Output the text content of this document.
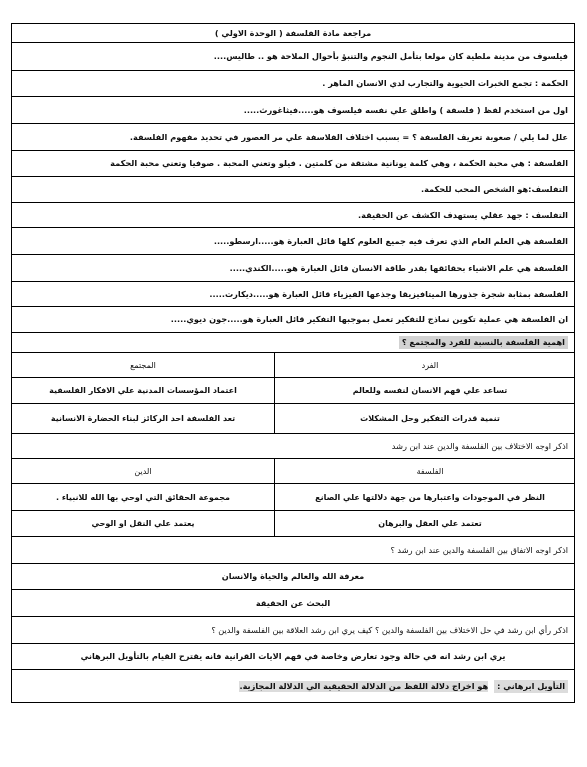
مراجعة مادة الفلسفة ( الوحدة الاولي )
فيلسوف من مدينة ملطية كان مولعا بتأمل النجوم والتنبؤ بأحوال الملاحة هو .. طاليس....
الحكمة : تجمع الخبرات الحيوية والتجارب لدي الانسان الماهر .
اول من استخدم لفظ ( فلسفة ) واطلق علي نفسه فيلسوف هو.....فيثاغورث.....
علل لما يلي / صعوبة تعريف الفلسفة ؟ = بسبب اختلاف الفلاسفة علي مر العصور في تحديد مفهوم الفلسفة.
الفلسفة : هي محبة الحكمة ، وهي كلمة يونانية مشتقة من كلمتين . فيلو وتعني المحبة . صوفيا وتعني محبة الحكمة
التفلسف:هو الشخص المحب للحكمة.
التفلسف : جهد عقلي يستهدف الكشف عن الحقيقة.
الفلسفة هي العلم العام الذي تعرف فيه جميع العلوم كلها قائل العبارة هو.....ارسطو.....
الفلسفة هي علم الاشياء بحقائقها بقدر طاقة الانسان قائل العبارة هو.....الكندي.....
الفلسفة بمثابة شجرة جذورها الميتافيزيقا وجذعها الفيزياء قائل العبارة هو.....ديكارت.....
ان الفلسفة هي عملية تكوين نماذج للتفكير تعمل بموجبها التفكير قائل العبارة هو.....جون ديوي.....
اهمية الفلسفة بالنسبة للفرد والمجتمع ؟
الفرد
المجتمع
تساعد علي فهم الانسان لنفسه وللعالم
اعتماد المؤسسات المدنية علي الافكار الفلسفية
تنمية قدرات التفكير وحل المشكلات
تعد الفلسفة احد الركائز لبناء الحضارة الانسانية
اذكر اوجه الاختلاف بين الفلسفة والدين عند ابن رشد
الفلسفة
الدين
النظر في الموجودات واعتبارها من جهة دلالتها علي الصانع
مجموعة الحقائق التي اوحي بها الله للانبياء .
تعتمد علي العقل والبرهان
يعتمد علي النقل او الوحي
اذكر اوجه الاتفاق بين الفلسفة والدين عند ابن رشد ؟
معرفة الله والعالم والحياة والانسان
البحث عن الحقيقة
اذكر رأي ابن رشد في حل الاختلاف بين الفلسفة والدين ؟ كيف يري ابن رشد العلاقة بين الفلسفة والدين ؟
يري ابن رشد انه في حالة وجود تعارض وخاصة في فهم الايات القرانية فانه يقترح القيام بالتأويل البرهاني
التأويل ابرهاني :
هو اخراج دلالة اللفظ من الدلالة الحقيقية الي الدلالة المجازية.
